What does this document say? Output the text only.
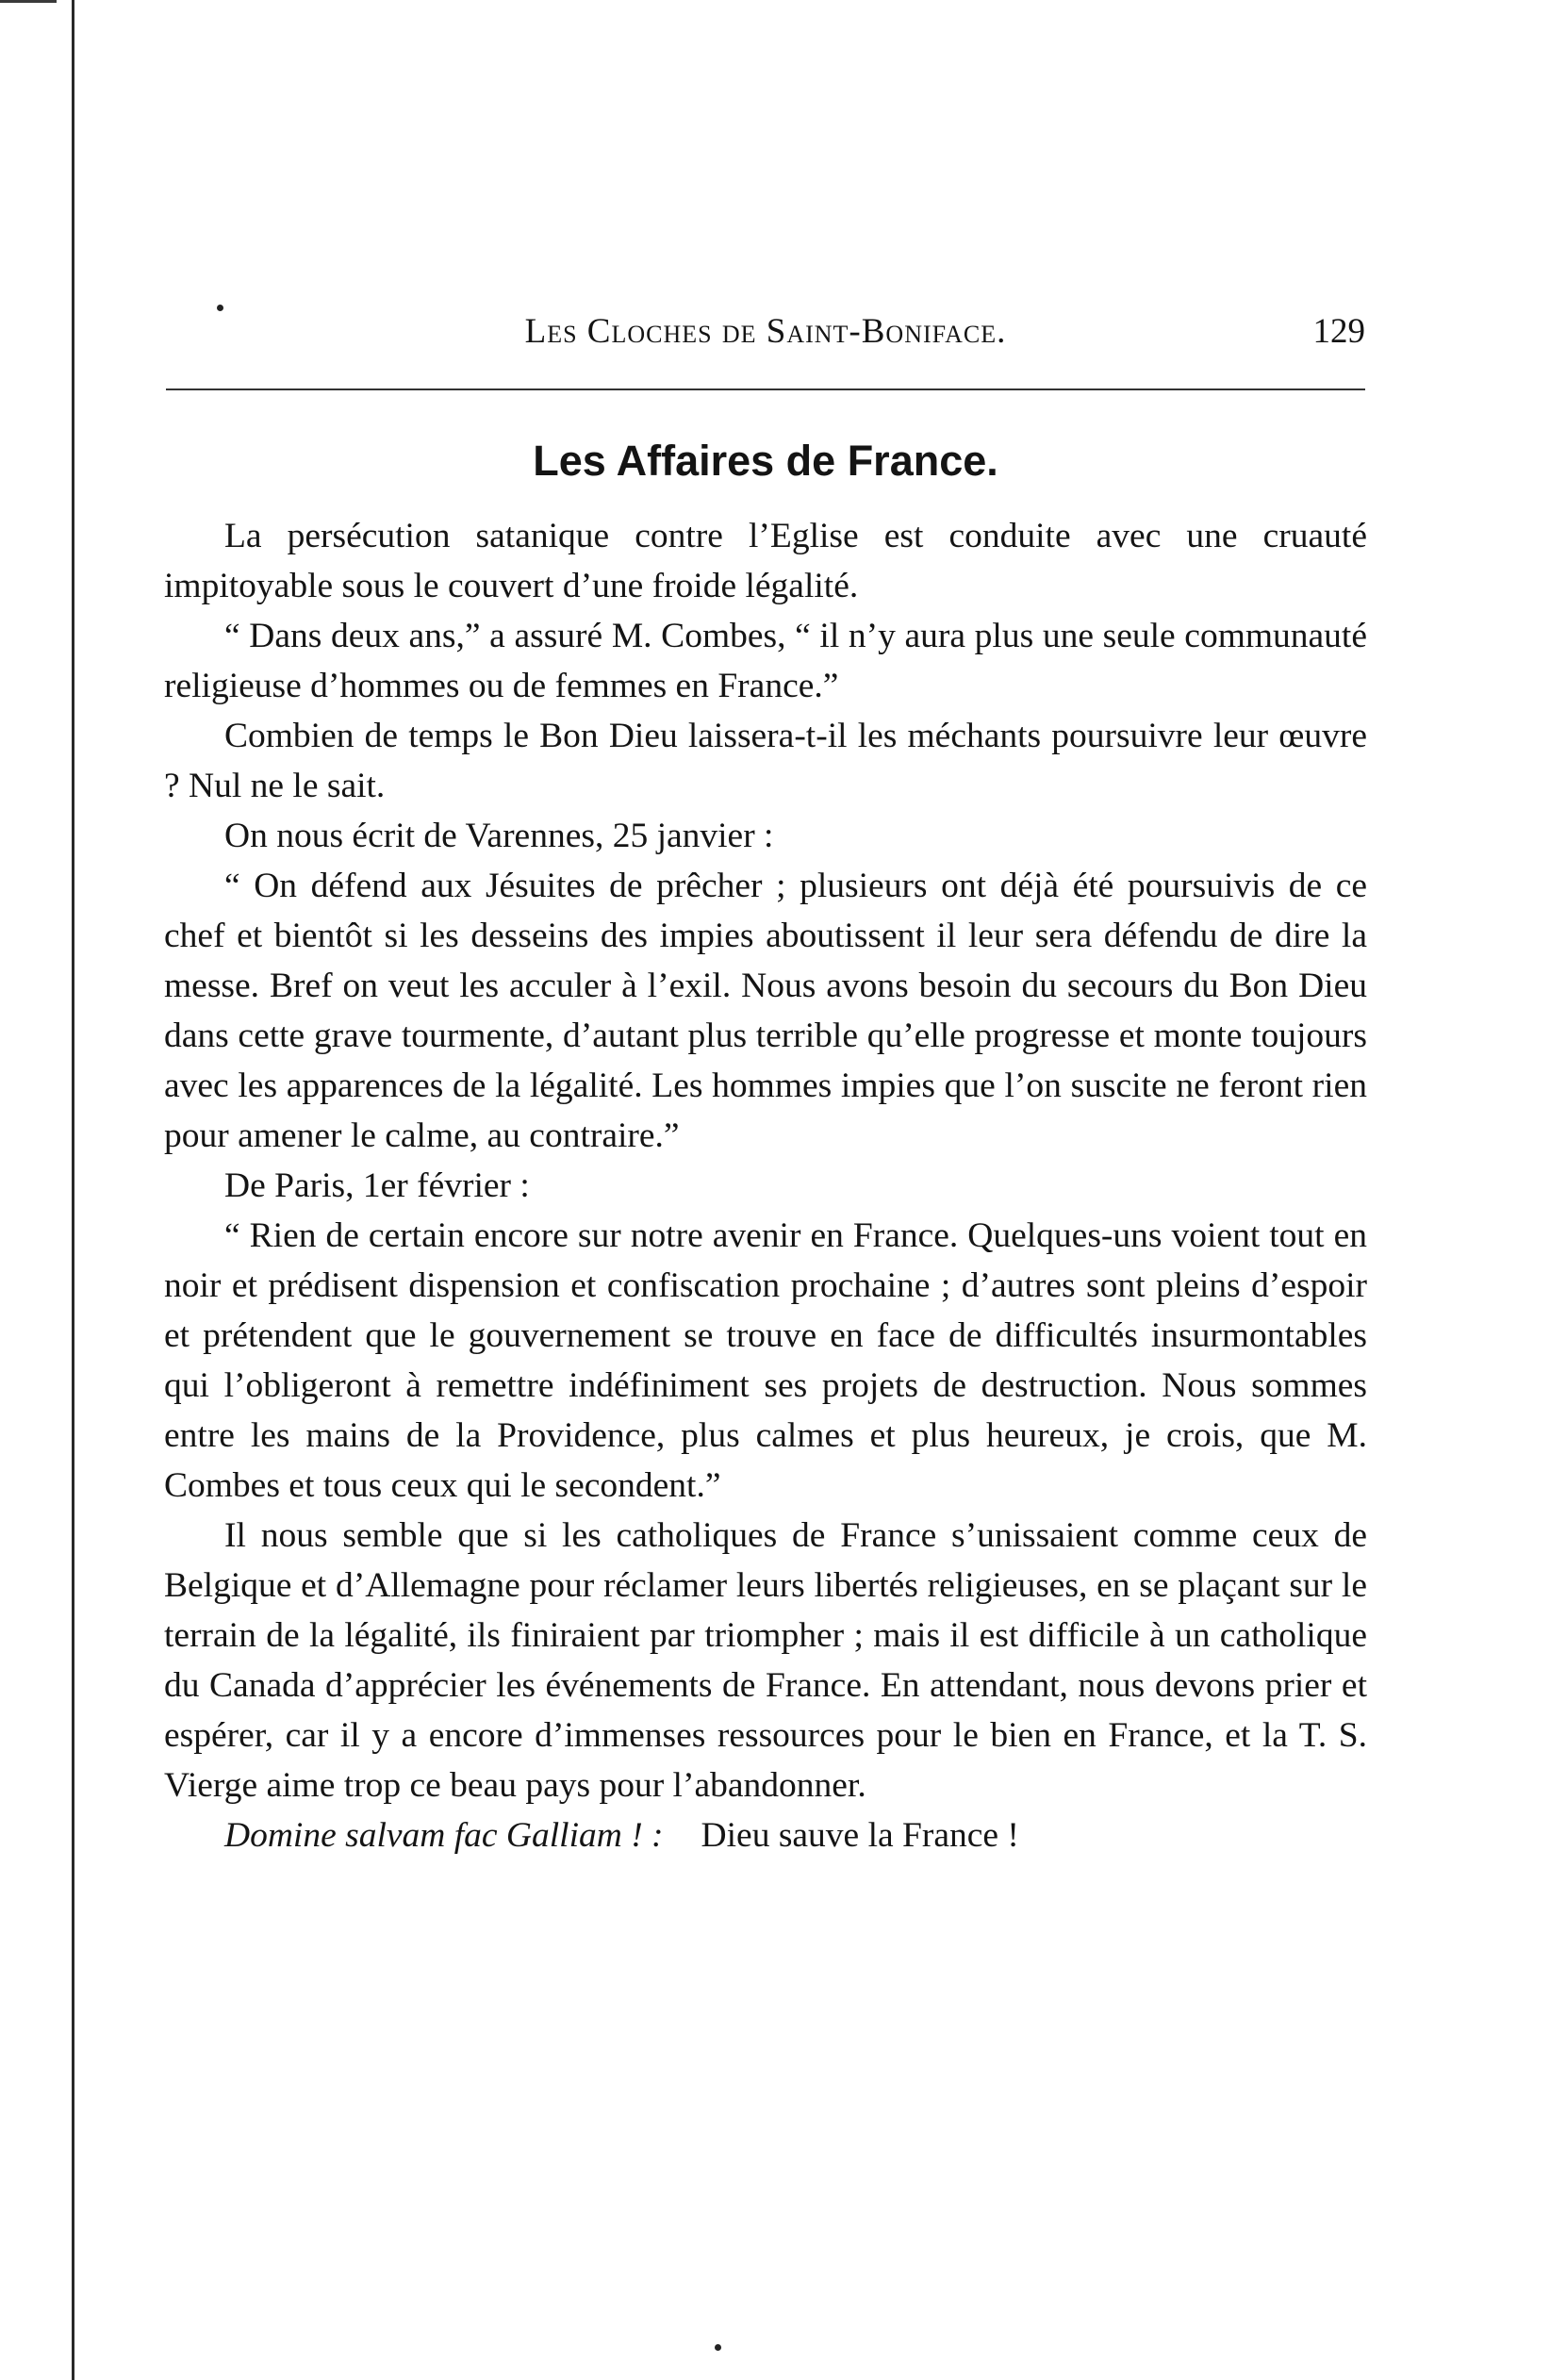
Les Cloches de Saint-Boniface.	129
Les Affaires de France.

La persécution satanique contre l’Eglise est conduite avec une cruauté impitoyable sous le couvert d’une froide légalité.

“ Dans deux ans,” a assuré M. Combes, “ il n’y aura plus une seule communauté religieuse d’hommes ou de femmes en France.”

Combien de temps le Bon Dieu laissera-t-il les méchants poursuivre leur œuvre ? Nul ne le sait.

On nous écrit de Varennes, 25 janvier :

“ On défend aux Jésuites de prêcher ; plusieurs ont déjà été poursuivis de ce chef et bientôt si les desseins des impies aboutissent il leur sera défendu de dire la messe. Bref on veut les acculer à l’exil. Nous avons besoin du secours du Bon Dieu dans cette grave tourmente, d’autant plus terrible qu’elle progresse et monte toujours avec les apparences de la légalité. Les hommes impies que l’on suscite ne feront rien pour amener le calme, au contraire.”

De Paris, 1er février :

“ Rien de certain encore sur notre avenir en France. Quelques-uns voient tout en noir et prédisent dispension et confiscation prochaine ; d’autres sont pleins d’espoir et prétendent que le gouvernement se trouve en face de difficultés insurmontables qui l’obligeront à remettre indéfiniment ses projets de destruction. Nous sommes entre les mains de la Providence, plus calmes et plus heureux, je crois, que M. Combes et tous ceux qui le secondent.”

Il nous semble que si les catholiques de France s’unissaient comme ceux de Belgique et d’Allemagne pour réclamer leurs libertés religieuses, en se plaçant sur le terrain de la légalité, ils finiraient par triompher ; mais il est difficile à un catholique du Canada d’apprécier les événements de France. En attendant, nous devons prier et espérer, car il y a encore d’immenses ressources pour le bien en France, et la T. S. Vierge aime trop ce beau pays pour l’abandonner.

Domine salvam fac Galliam ! : Dieu sauve la France !
